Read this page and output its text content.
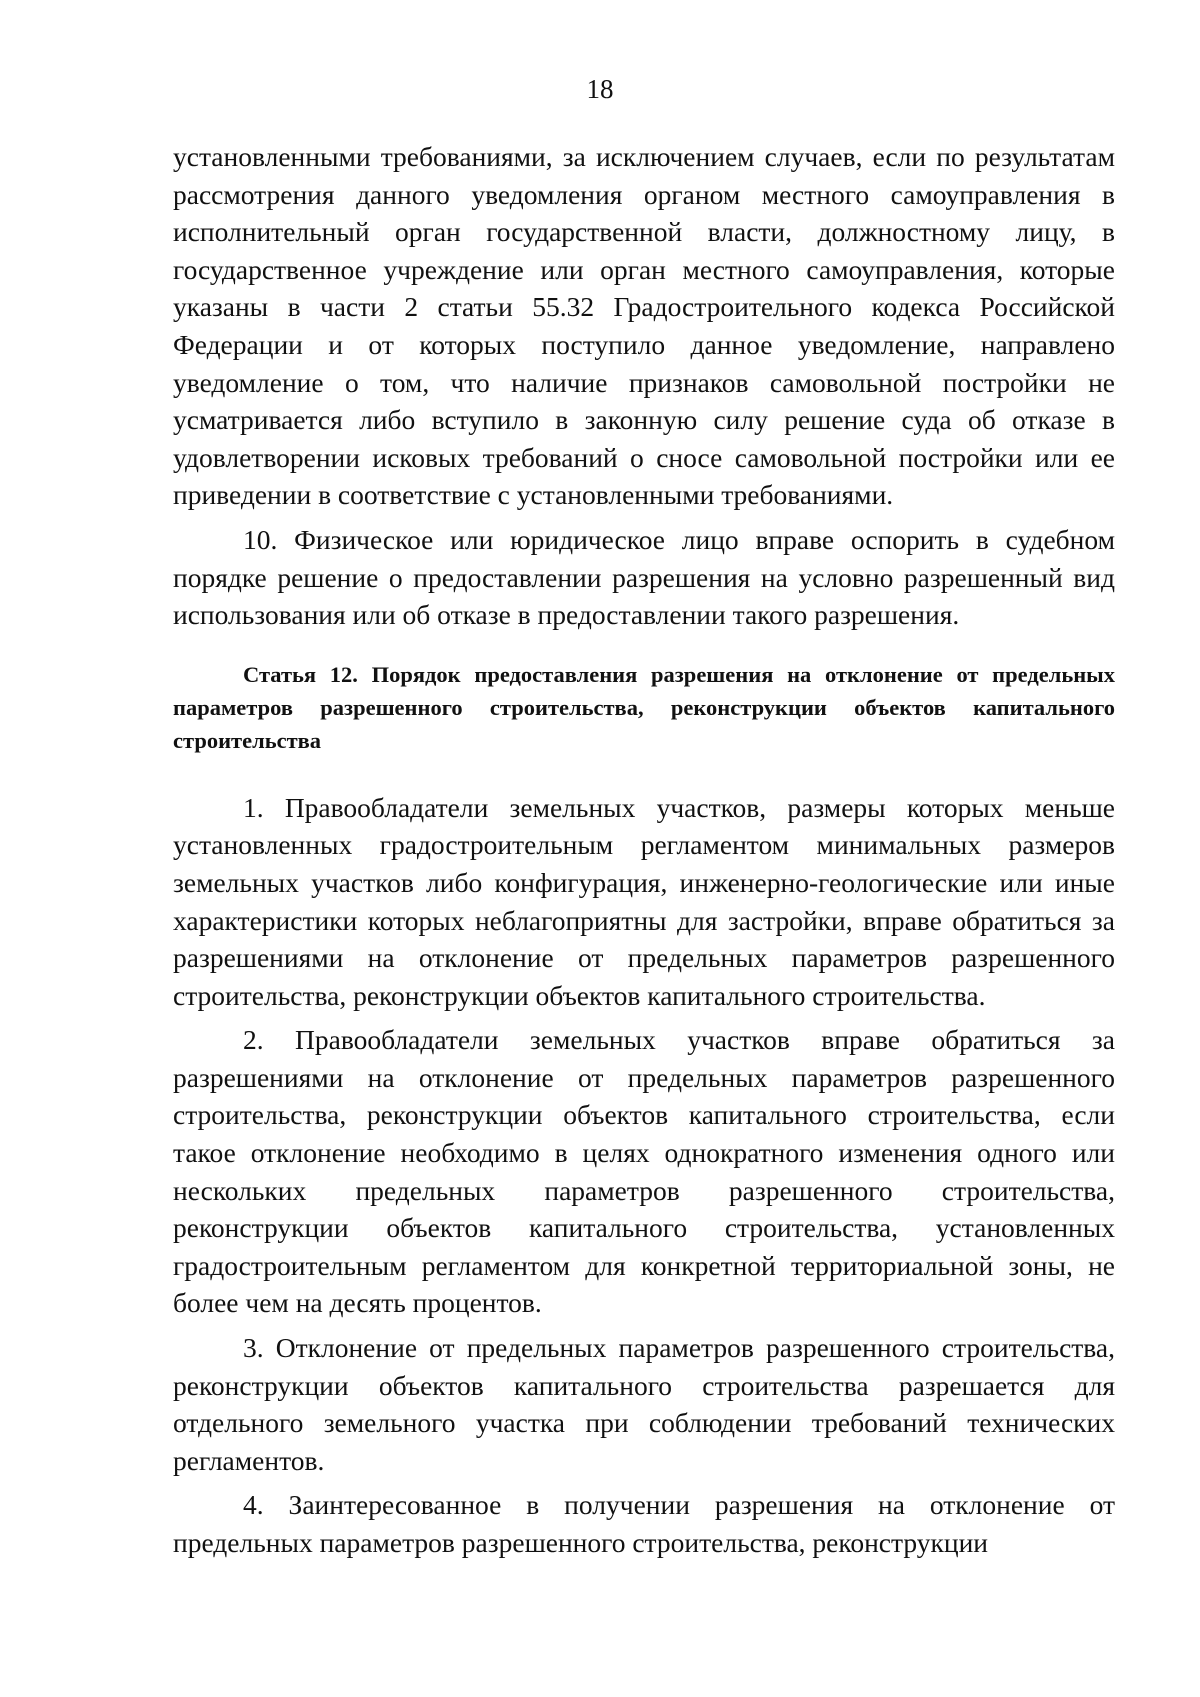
18

установленными требованиями, за исключением случаев, если по результатам рассмотрения данного уведомления органом местного самоуправления в исполнительный орган государственной власти, должностному лицу, в государственное учреждение или орган местного самоуправления, которые указаны в части 2 статьи 55.32 Градостроительного кодекса Российской Федерации и от которых поступило данное уведомление, направлено уведомление о том, что наличие признаков самовольной постройки не усматривается либо вступило в законную силу решение суда об отказе в удовлетворении исковых требований о сносе самовольной постройки или ее приведении в соответствие с установленными требованиями.

10. Физическое или юридическое лицо вправе оспорить в судебном порядке решение о предоставлении разрешения на условно разрешенный вид использования или об отказе в предоставлении такого разрешения.

Статья 12. Порядок предоставления разрешения на отклонение от предельных параметров разрешенного строительства, реконструкции объектов капитального строительства

1. Правообладатели земельных участков, размеры которых меньше установленных градостроительным регламентом минимальных размеров земельных участков либо конфигурация, инженерно-геологические или иные характеристики которых неблагоприятны для застройки, вправе обратиться за разрешениями на отклонение от предельных параметров разрешенного строительства, реконструкции объектов капитального строительства.

2. Правообладатели земельных участков вправе обратиться за разрешениями на отклонение от предельных параметров разрешенного строительства, реконструкции объектов капитального строительства, если такое отклонение необходимо в целях однократного изменения одного или нескольких предельных параметров разрешенного строительства, реконструкции объектов капитального строительства, установленных градостроительным регламентом для конкретной территориальной зоны, не более чем на десять процентов.

3. Отклонение от предельных параметров разрешенного строительства, реконструкции объектов капитального строительства разрешается для отдельного земельного участка при соблюдении требований технических регламентов.

4. Заинтересованное в получении разрешения на отклонение от предельных параметров разрешенного строительства, реконструкции
